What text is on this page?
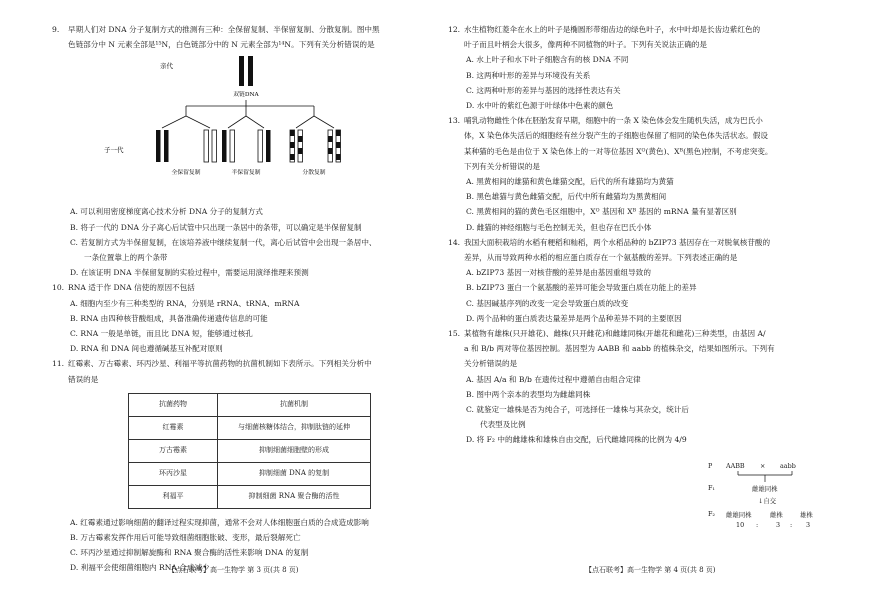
9. 早期人们对 DNA 分子复制方式的推测有三种：全保留复制、半保留复制、分散复制。图中黑

色链部分中 N 元素全部是¹⁵N，白色链部分中的 N 元素全部为¹⁴N。下列有关分析错误的是

亲代
双链DNA
子一代
全保留复制	半保留复制	分散复制

A. 可以利用密度梯度离心技术分析 DNA 分子的复制方式

B. 将子一代的 DNA 分子离心后试管中只出现一条居中的条带，可以确定是半保留复制

C. 若复制方式为半保留复制，在该培养液中继续复制一代，离心后试管中会出现一条居中、

一条位置靠上的两个条带

D. 在该证明 DNA 半保留复制的实验过程中，需要运用演绎推理来预测

10. RNA 适于作 DNA 信使的原因不包括

A. 细胞内至少有三种类型的 RNA，分别是 rRNA、tRNA、mRNA

B. RNA 由四种核苷酸组成，具备准确传递遗传信息的可能

C. RNA 一般是单链，而且比 DNA 短，能够通过核孔

D. RNA 和 DNA 间也遵循碱基互补配对原则

11. 红霉素、万古霉素、环丙沙星、利福平等抗菌药物的抗菌机制如下表所示。下列相关分析中

错误的是

抗菌药物	抗菌机制
红霉素	与细菌核糖体结合，抑制肽链的延伸
万古霉素	抑制细菌细胞壁的形成
环丙沙星	抑制细菌 DNA 的复制
利福平	抑制细菌 RNA 聚合酶的活性

A. 红霉素通过影响细菌的翻译过程实现抑菌，通常不会对人体细胞蛋白质的合成造成影响

B. 万古霉素发挥作用后可能导致细菌细胞胀破、变形，最后裂解死亡

C. 环丙沙星通过抑制解旋酶和 RNA 聚合酶的活性来影响 DNA 的复制

D. 利福平会使细菌细胞内 RNA 合成减少

12. 水生植物红菱伞在水上的叶子是椭圆形带细齿边的绿色叶子，水中叶却是长齿边紫红色的

叶子而且叶柄会大很多，像两种不同植物的叶子。下列有关说法正确的是

A. 水上叶子和水下叶子细胞含有的核 DNA 不同

B. 这两种叶形的差异与环境没有关系

C. 这两种叶形的差异与基因的选择性表达有关

D. 水中叶的紫红色源于叶绿体中色素的颜色

13. 哺乳动物雌性个体在胚胎发育早期，细胞中的一条 X 染色体会发生随机失活，成为巴氏小

体，X 染色体失活后的细胞经有丝分裂产生的子细胞也保留了相同的染色体失活状态。假设

某种猫的毛色是由位于 X 染色体上的一对等位基因 Xᴼ(黄色)、Xᴮ(黑色)控制，不考虑突变。

下列有关分析错误的是

A. 黑黄相间的雄猫和黄色雄猫交配，后代的所有雄猫均为黄猫

B. 黑色雄猫与黄色雌猫交配，后代中所有雌猫均为黑黄相间

C. 黑黄相间的猫的黄色毛区细胞中，Xᴼ 基因和 Xᴮ 基因的 mRNA 量有显著区别

D. 雌猫的神经细胞与毛色控制无关，但也存在巴氏小体

14. 我国大面积栽培的水稻有粳稻和籼稻，两个水稻品种的 bZIP73 基因存在一对脱氧核苷酸的

差异，从而导致两种水稻的相应蛋白质存在一个氨基酸的差异。下列表述正确的是

A. bZIP73 基因一对核苷酸的差异是由基因重组导致的

B. bZIP73 蛋白一个氨基酸的差异可能会导致蛋白质在功能上的差异

C. 基因碱基序列的改变一定会导致蛋白质的改变

D. 两个品种的蛋白质表达量差异是两个品种差异不同的主要原因

15. 某植物有雄株(只开雄花)、雌株(只开雌花)和雌雄同株(开雄花和雌花)三种类型，由基因 A/

a 和 B/b 两对等位基因控制。基因型为 AABB 和 aabb 的植株杂交，结果如图所示。下列有

关分析错误的是

A. 基因 A/a 和 B/b 在遗传过程中遵循自由组合定律

B. 图中两个亲本的表型均为雌雄同株

C. 就鉴定一雄株是否为纯合子，可选择任一雄株与其杂交，统计后

代表型及比例

D. 将 F₂ 中的雌雄株和雄株自由交配，后代雌雄同株的比例为 4/9

P AABB × aabb
F₁	雌雄同株
↓自交
F₂ 雌雄同株	雌株	雄株
10 :	3 : 3
【点石联考】高一生物学 第 3 页(共 8 页)	【点石联考】高一生物学 第 4 页(共 8 页)
